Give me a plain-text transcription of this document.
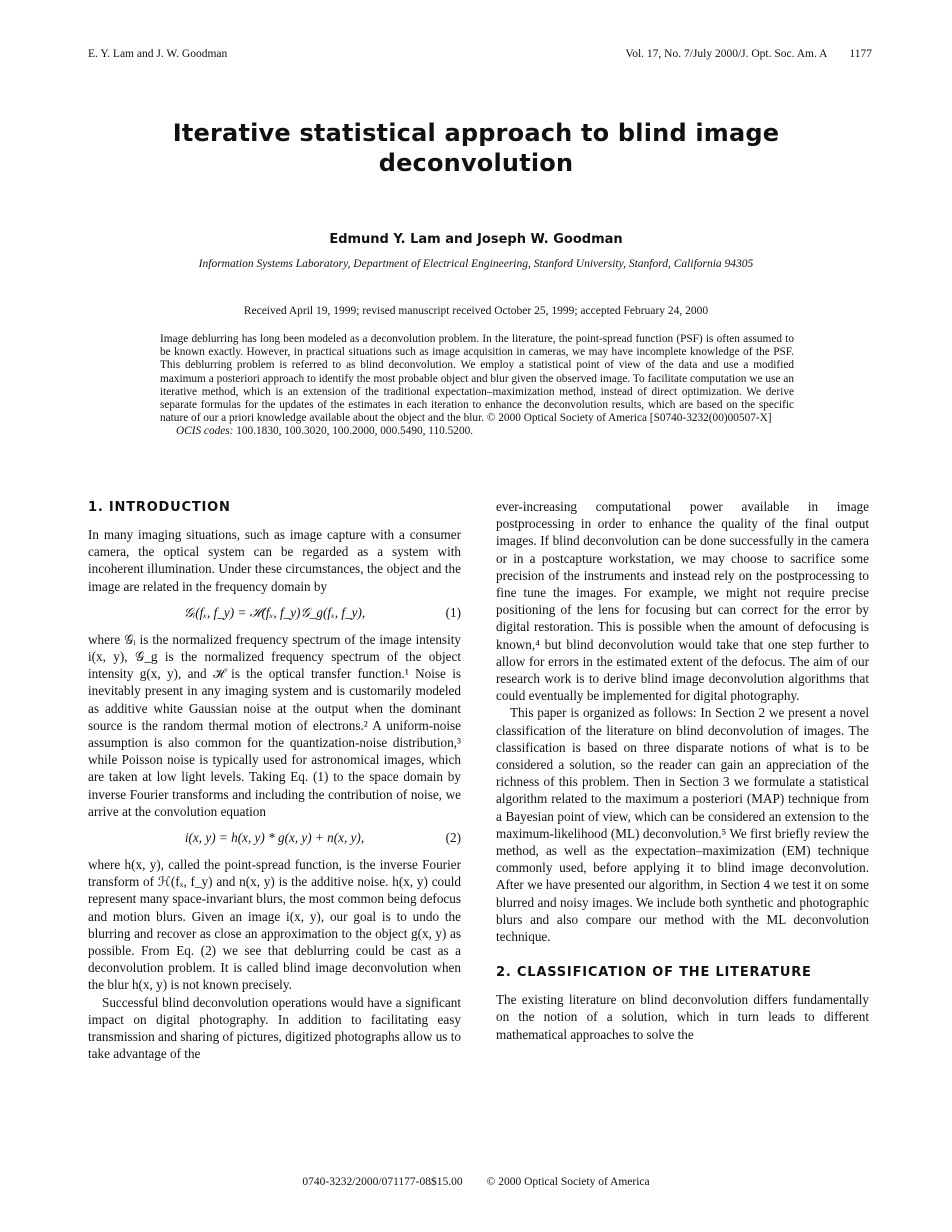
E. Y. Lam and J. W. Goodman	Vol. 17, No. 7/July 2000/J. Opt. Soc. Am. A 1177
Iterative statistical approach to blind image deconvolution
Edmund Y. Lam and Joseph W. Goodman
Information Systems Laboratory, Department of Electrical Engineering, Stanford University, Stanford, California 94305
Received April 19, 1999; revised manuscript received October 25, 1999; accepted February 24, 2000

Image deblurring has long been modeled as a deconvolution problem. In the literature, the point-spread function (PSF) is often assumed to be known exactly. However, in practical situations such as image acquisition in cameras, we may have incomplete knowledge of the PSF. This deblurring problem is referred to as blind deconvolution. We employ a statistical point of view of the data and use a modified maximum a posteriori approach to identify the most probable object and blur given the observed image. To facilitate computation we use an iterative method, which is an extension of the traditional expectation–maximization method, instead of direct optimization. We derive separate formulas for the updates of the estimates in each iteration to enhance the deconvolution results, which are based on the specific nature of our a priori knowledge available about the object and the blur. © 2000 Optical Society of America [S0740-3232(00)00507-X]

OCIS codes: 100.1830, 100.3020, 100.2000, 000.5490, 110.5200.

1. INTRODUCTION

In many imaging situations, such as image capture with a consumer camera, the optical system can be regarded as a system with incoherent illumination. Under these circumstances, the object and the image are related in the frequency domain by

𝒢ᵢ(fₓ, f_y) = ℋ(fₓ, f_y)𝒢_g(fₓ, f_y),	(1)

where 𝒢ᵢ is the normalized frequency spectrum of the image intensity i(x, y), 𝒢_g is the normalized frequency spectrum of the object intensity g(x, y), and ℋ is the optical transfer function.¹ Noise is inevitably present in any imaging system and is customarily modeled as additive white Gaussian noise at the output when the dominant source is the random thermal motion of electrons.² A uniform-noise assumption is also common for the quantization-noise distribution,³ while Poisson noise is typically used for astronomical images, which are taken at low light levels. Taking Eq. (1) to the space domain by inverse Fourier transforms and including the contribution of noise, we arrive at the convolution equation

i(x, y) = h(x, y) * g(x, y) + n(x, y),	(2)

where h(x, y), called the point-spread function, is the inverse Fourier transform of ℋ(fₓ, f_y) and n(x, y) is the additive noise. h(x, y) could represent many space-invariant blurs, the most common being defocus and motion blurs. Given an image i(x, y), our goal is to undo the blurring and recover as close an approximation to the object g(x, y) as possible. From Eq. (2) we see that deblurring could be cast as a deconvolution problem. It is called blind image deconvolution when the blur h(x, y) is not known precisely.

Successful blind deconvolution operations would have a significant impact on digital photography. In addition to facilitating easy transmission and sharing of pictures, digitized photographs allow us to take advantage of the

ever-increasing computational power available in image postprocessing in order to enhance the quality of the final output images. If blind deconvolution can be done successfully in the camera or in a postcapture workstation, we may choose to sacrifice some precision of the instruments and instead rely on the postprocessing to fine tune the images. For example, we might not require precise positioning of the lens for focusing but can correct for the error by digital restoration. This is possible when the amount of defocusing is known,⁴ but blind deconvolution would take that one step further to allow for errors in the estimated extent of the defocus. The aim of our research work is to derive blind image deconvolution algorithms that could eventually be implemented for digital photography.

This paper is organized as follows: In Section 2 we present a novel classification of the literature on blind deconvolution of images. The classification is based on three disparate notions of what is to be considered a solution, so the reader can gain an appreciation of the richness of this problem. Then in Section 3 we formulate a statistical algorithm related to the maximum a posteriori (MAP) technique from a Bayesian point of view, which can be considered an extension to the maximum-likelihood (ML) deconvolution.⁵ We first briefly review the method, as well as the expectation–maximization (EM) technique commonly used, before applying it to blind image deconvolution. After we have presented our algorithm, in Section 4 we test it on some blurred and noisy images. We include both synthetic and photographic blurs and also compare our method with the ML deconvolution technique.

2. CLASSIFICATION OF THE LITERATURE

The existing literature on blind deconvolution differs fundamentally on the notion of a solution, which in turn leads to different mathematical approaches to solve the

0740-3232/2000/071177-08$15.00 © 2000 Optical Society of America
